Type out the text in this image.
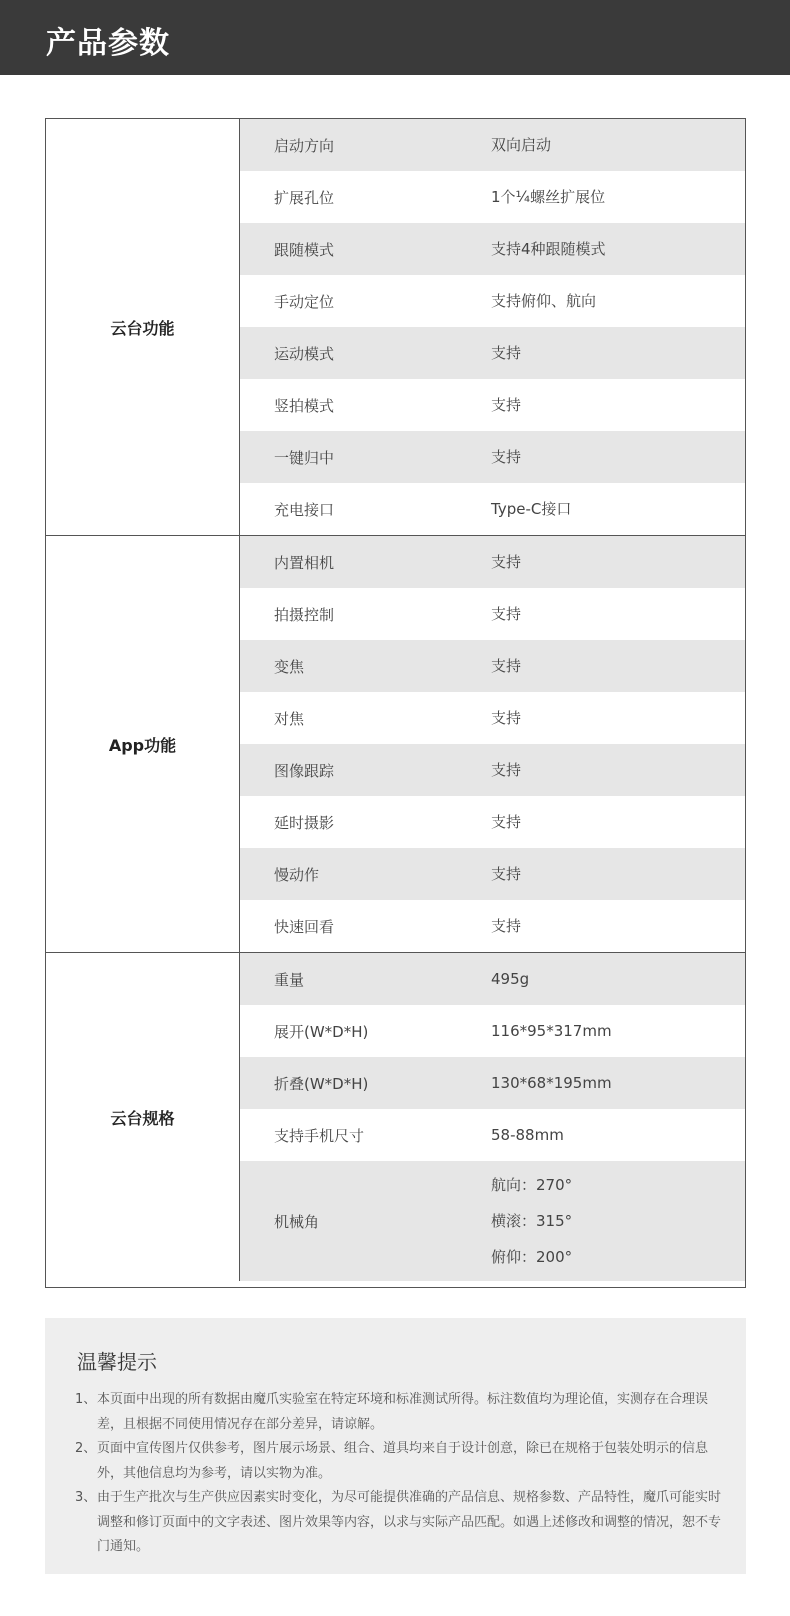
产品参数
云台功能
启动方向	双向启动
扩展孔位	1个¼螺丝扩展位
跟随模式	支持4种跟随模式
手动定位	支持俯仰、航向
运动模式	支持
竖拍模式	支持
一键归中	支持
充电接口	Type-C接口
App功能
内置相机	支持
拍摄控制	支持
变焦	支持
对焦	支持
图像跟踪	支持
延时摄影	支持
慢动作	支持
快速回看	支持
云台规格
重量	495g
展开(W*D*H)	116*95*317mm
折叠(W*D*H)	130*68*195mm
支持手机尺寸	58-88mm
机械角
航向：270°
横滚：315°
俯仰：200°
温馨提示
1、 本页面中出现的所有数据由魔爪实验室在特定环境和标准测试所得。标注数值均为理论值，实测存在合理误差，且根据不同使用情况存在部分差异，请谅解。
2、 页面中宣传图片仅供参考，图片展示场景、组合、道具均来自于设计创意，除已在规格于包装处明示的信息外，其他信息均为参考，请以实物为准。
3、 由于生产批次与生产供应因素实时变化，为尽可能提供准确的产品信息、规格参数、产品特性，魔爪可能实时调整和修订页面中的文字表述、图片效果等内容，以求与实际产品匹配。如遇上述修改和调整的情况，恕不专门通知。
